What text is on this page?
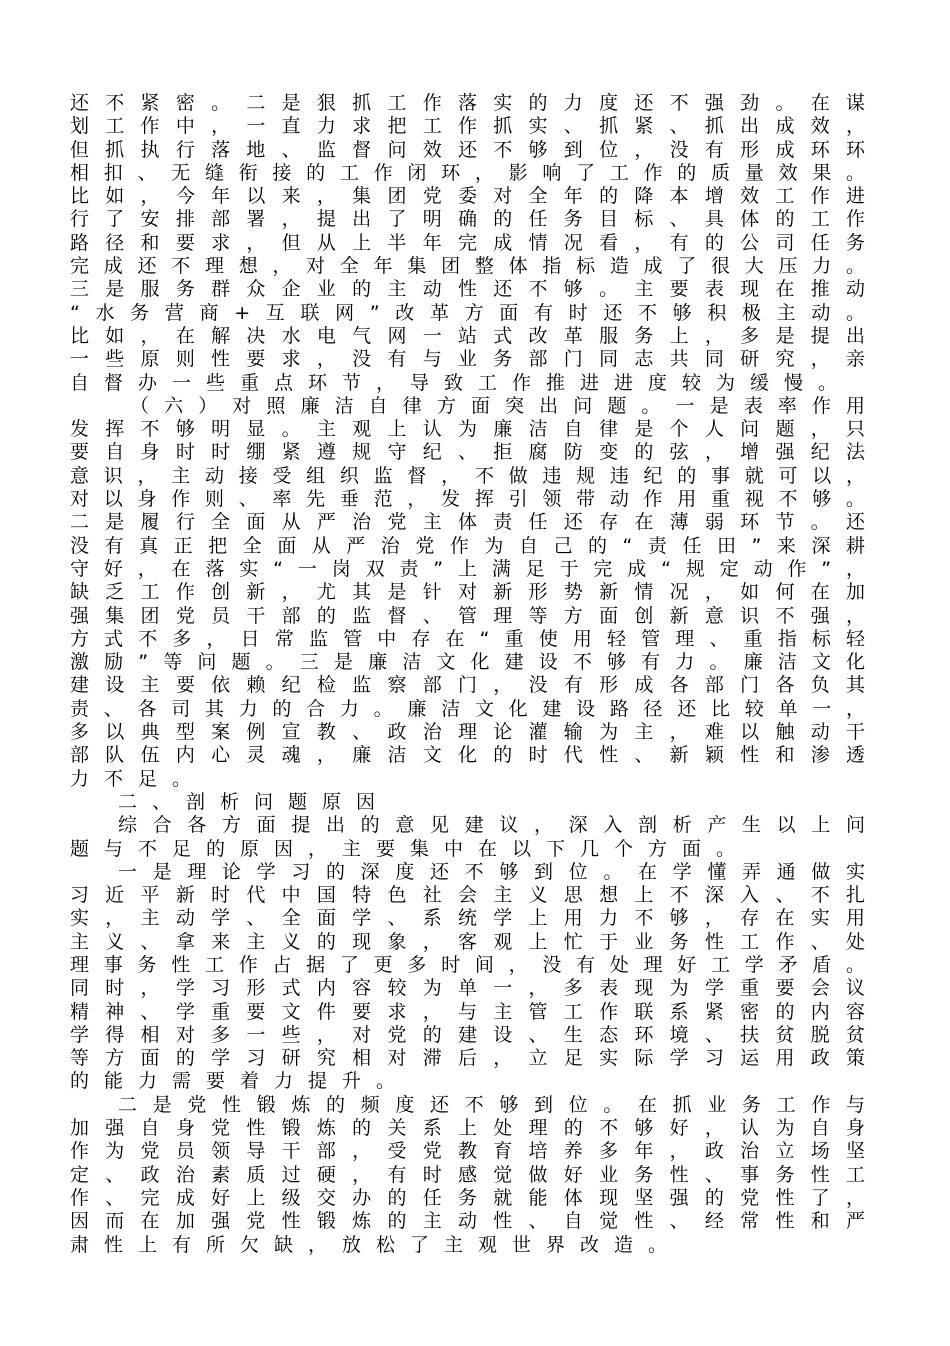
还不紧密。二是狠抓工作落实的力度还不强劲。在谋
划工作中，一直力求把工作抓实、抓紧、抓出成效，
但抓执行落地、监督问效还不够到位，没有形成环环
相扣、无缝衔接的工作闭环，影响了工作的质量效果。
比如，今年以来，集团党委对全年的降本增效工作进
行了安排部署，提出了明确的任务目标、具体的工作
路径和要求，但从上半年完成情况看，有的公司任务
完成还不理想，对全年集团整体指标造成了很大压力。
三是服务群众企业的主动性还不够。主要表现在推动
“水务营商+互联网”改革方面有时还不够积极主动。
比如，在解决水电气网一站式改革服务上，多是提出
一些原则性要求，没有与业务部门同志共同研究，亲
自督办一些重点环节，导致工作推进进度较为缓慢。
（六）对照廉洁自律方面突出问题。一是表率作用
发挥不够明显。主观上认为廉洁自律是个人问题，只
要自身时时绷紧遵规守纪、拒腐防变的弦，增强纪法
意识，主动接受组织监督，不做违规违纪的事就可以，
对以身作则、率先垂范，发挥引领带动作用重视不够。
二是履行全面从严治党主体责任还存在薄弱环节。还
没有真正把全面从严治党作为自己的“责任田”来深耕
守好，在落实“一岗双责”上满足于完成“规定动作”，
缺乏工作创新，尤其是针对新形势新情况，如何在加
强集团党员干部的监督、管理等方面创新意识不强，
方式不多，日常监管中存在“重使用轻管理、重指标轻
激励”等问题。三是廉洁文化建设不够有力。廉洁文化
建设主要依赖纪检监察部门，没有形成各部门各负其
责、各司其力的合力。廉洁文化建设路径还比较单一，
多以典型案例宣教、政治理论灌输为主，难以触动干
部队伍内心灵魂，廉洁文化的时代性、新颖性和渗透
力不足。
二、剖析问题原因
综合各方面提出的意见建议，深入剖析产生以上问
题与不足的原因，主要集中在以下几个方面。
一是理论学习的深度还不够到位。在学懂弄通做实
习近平新时代中国特色社会主义思想上不深入、不扎
实，主动学、全面学、系统学上用力不够，存在实用
主义、拿来主义的现象，客观上忙于业务性工作、处
理事务性工作占据了更多时间，没有处理好工学矛盾。
同时，学习形式内容较为单一，多表现为学重要会议
精神、学重要文件要求，与主管工作联系紧密的内容
学得相对多一些，对党的建设、生态环境、扶贫脱贫
等方面的学习研究相对滞后，立足实际学习运用政策
的能力需要着力提升。
二是党性锻炼的频度还不够到位。在抓业务工作与
加强自身党性锻炼的关系上处理的不够好，认为自身
作为党员领导干部，受党教育培养多年，政治立场坚
定、政治素质过硬，有时感觉做好业务性、事务性工
作、完成好上级交办的任务就能体现坚强的党性了，
因而在加强党性锻炼的主动性、自觉性、经常性和严
肃性上有所欠缺，放松了主观世界改造。
